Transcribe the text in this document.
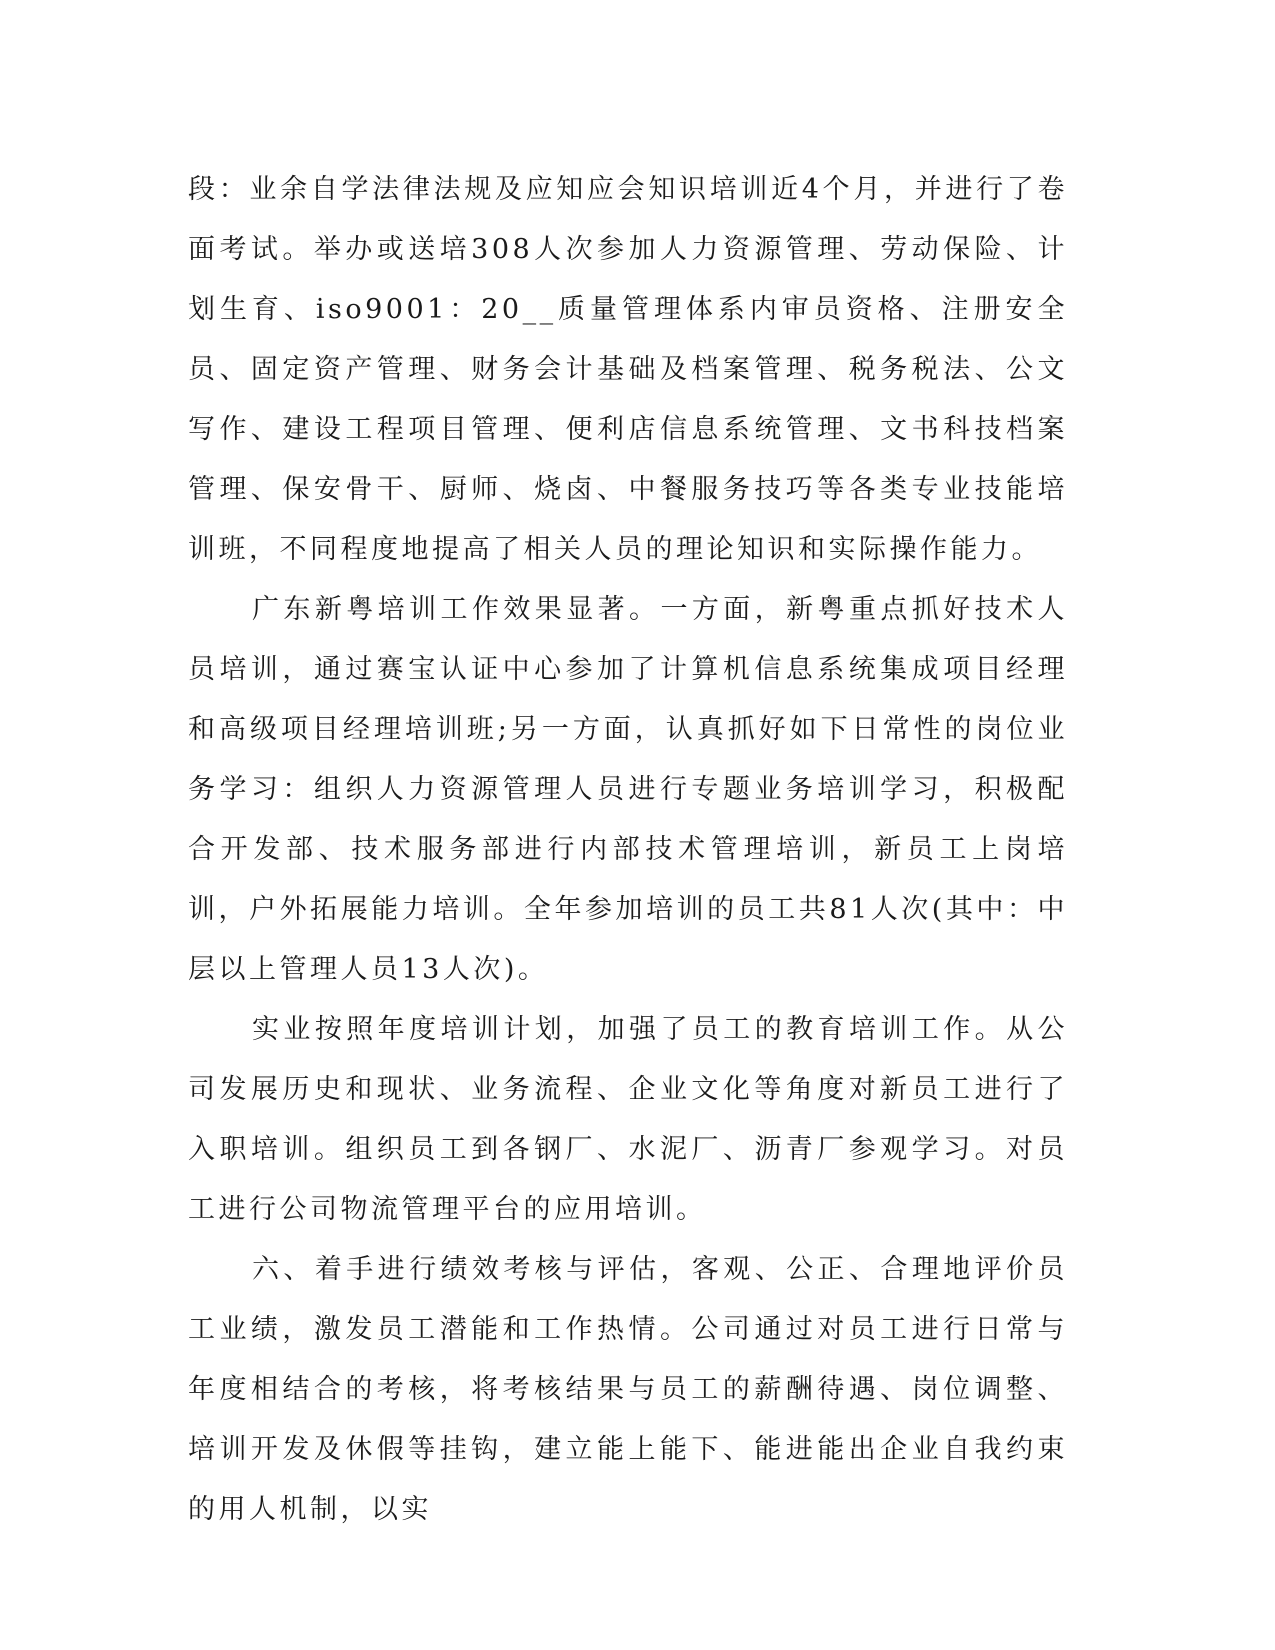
段：业余自学法律法规及应知应会知识培训近4个月，并进行了卷面考试。举办或送培308人次参加人力资源管理、劳动保险、计划生育、iso9001：20__质量管理体系内审员资格、注册安全员、固定资产管理、财务会计基础及档案管理、税务税法、公文写作、建设工程项目管理、便利店信息系统管理、文书科技档案管理、保安骨干、厨师、烧卤、中餐服务技巧等各类专业技能培训班，不同程度地提高了相关人员的理论知识和实际操作能力。

广东新粤培训工作效果显著。一方面，新粤重点抓好技术人员培训，通过赛宝认证中心参加了计算机信息系统集成项目经理和高级项目经理培训班;另一方面，认真抓好如下日常性的岗位业务学习：组织人力资源管理人员进行专题业务培训学习，积极配合开发部、技术服务部进行内部技术管理培训，新员工上岗培训，户外拓展能力培训。全年参加培训的员工共81人次(其中：中层以上管理人员13人次)。

实业按照年度培训计划，加强了员工的教育培训工作。从公司发展历史和现状、业务流程、企业文化等角度对新员工进行了入职培训。组织员工到各钢厂、水泥厂、沥青厂参观学习。对员工进行公司物流管理平台的应用培训。

六、着手进行绩效考核与评估，客观、公正、合理地评价员工业绩，激发员工潜能和工作热情。公司通过对员工进行日常与年度相结合的考核，将考核结果与员工的薪酬待遇、岗位调整、培训开发及休假等挂钩，建立能上能下、能进能出企业自我约束的用人机制，以实
